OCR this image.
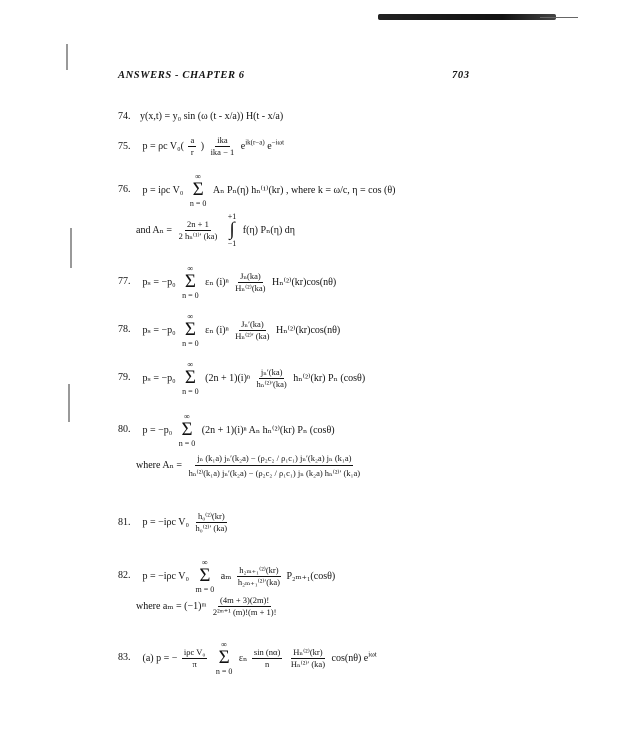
ANSWERS - CHAPTER 6	703
74. y(x,t) = y₀ sin (ω (t - x/a)) H(t - x/a)
75. p = ρc $V_0( \frac{a}{r}$ ) $\frac{\text{ika}}{\text{ika − 1}} e^{ik(r-a)}$ $e^{-i\omega t}$
76. p = iρc V₀
∞
Σ
n = 0
Aₙ Pₙ(η) hₙ⁽¹⁾(kr) , where k = ω/c, η = cos (θ)
and $A_n = \frac{2n + 1}{\text{2 hₙ⁽¹⁾′ (ka)}}$

+1
∫
−1
f(η) Pₙ(η) dη
77. pₛ = −p₀
∞
Σ
n = 0
εₙ $(i)^n \frac{\text{Jₙ(ka)}}{\text{Hₙ⁽²⁾(ka)}} H_n^{(2)}(kr)\cos(n\theta)$
78. pₛ = −p₀
∞
Σ
n = 0
εₙ $(i)^n \frac{\text{Jₙ′(ka)}}{\text{Hₙ⁽²⁾′ (ka)}} H_n^{(2)}(kr)\cos(n\theta)$
79. pₛ = −p₀
∞
Σ
n = 0
$(2n + 1)(i)^n \frac{\text{jₙ′(ka)}}{\text{hₙ⁽²⁾′(ka)}} h_n^{(2)}(kr)$ Pₙ (cosθ)
80. p = −p₀
∞
Σ
n = 0
(2n + 1)(i)ⁿ Aₙ hₙ⁽²⁾(kr) Pₙ (cosθ)
where $A_n = \frac{\text{jₙ (k₁a) jₙ′(k₂a) − (ρ₂c₂ / ρ₁c₁) jₙ′(k₂a) jₙ (k₁a)}}{\text{hₙ⁽²⁾(k₁a) jₙ′(k₂a) − (ρ₂c₂ / ρ₁c₁) jₙ (k₂a) hₙ⁽²⁾′ (k₁a)}}$
81. p = −iρc $V_0 \frac{\text{h₀⁽²⁾(kr)}}{\text{h₀⁽²⁾′ (ka)}}$
82. p = −iρc V₀
∞
Σ
m = 0
aₘ $\frac{\text{h₂ₘ₊₁⁽²⁾(kr)}}{\text{h₂ₘ₊₁⁽²⁾′(ka)}} P_{2m+1}(\cos\theta)$
where aₘ = (−1)ᵐ $\frac{(4m + 3)(2m)!}{\text{2²ᵐ⁺¹ (m)!(m + 1)!}}$
83. (a) p = − $\frac{\text{iρc V₀}}{\pi}$

∞
Σ
n = 0
εₙ $\frac{\sin (n\alpha)}{n}$
$\frac{\text{Hₙ⁽²⁾(kr)}}{\text{Hₙ⁽²⁾′ (ka)}} \cos(n\theta)$ $e^{i\omega t}$
